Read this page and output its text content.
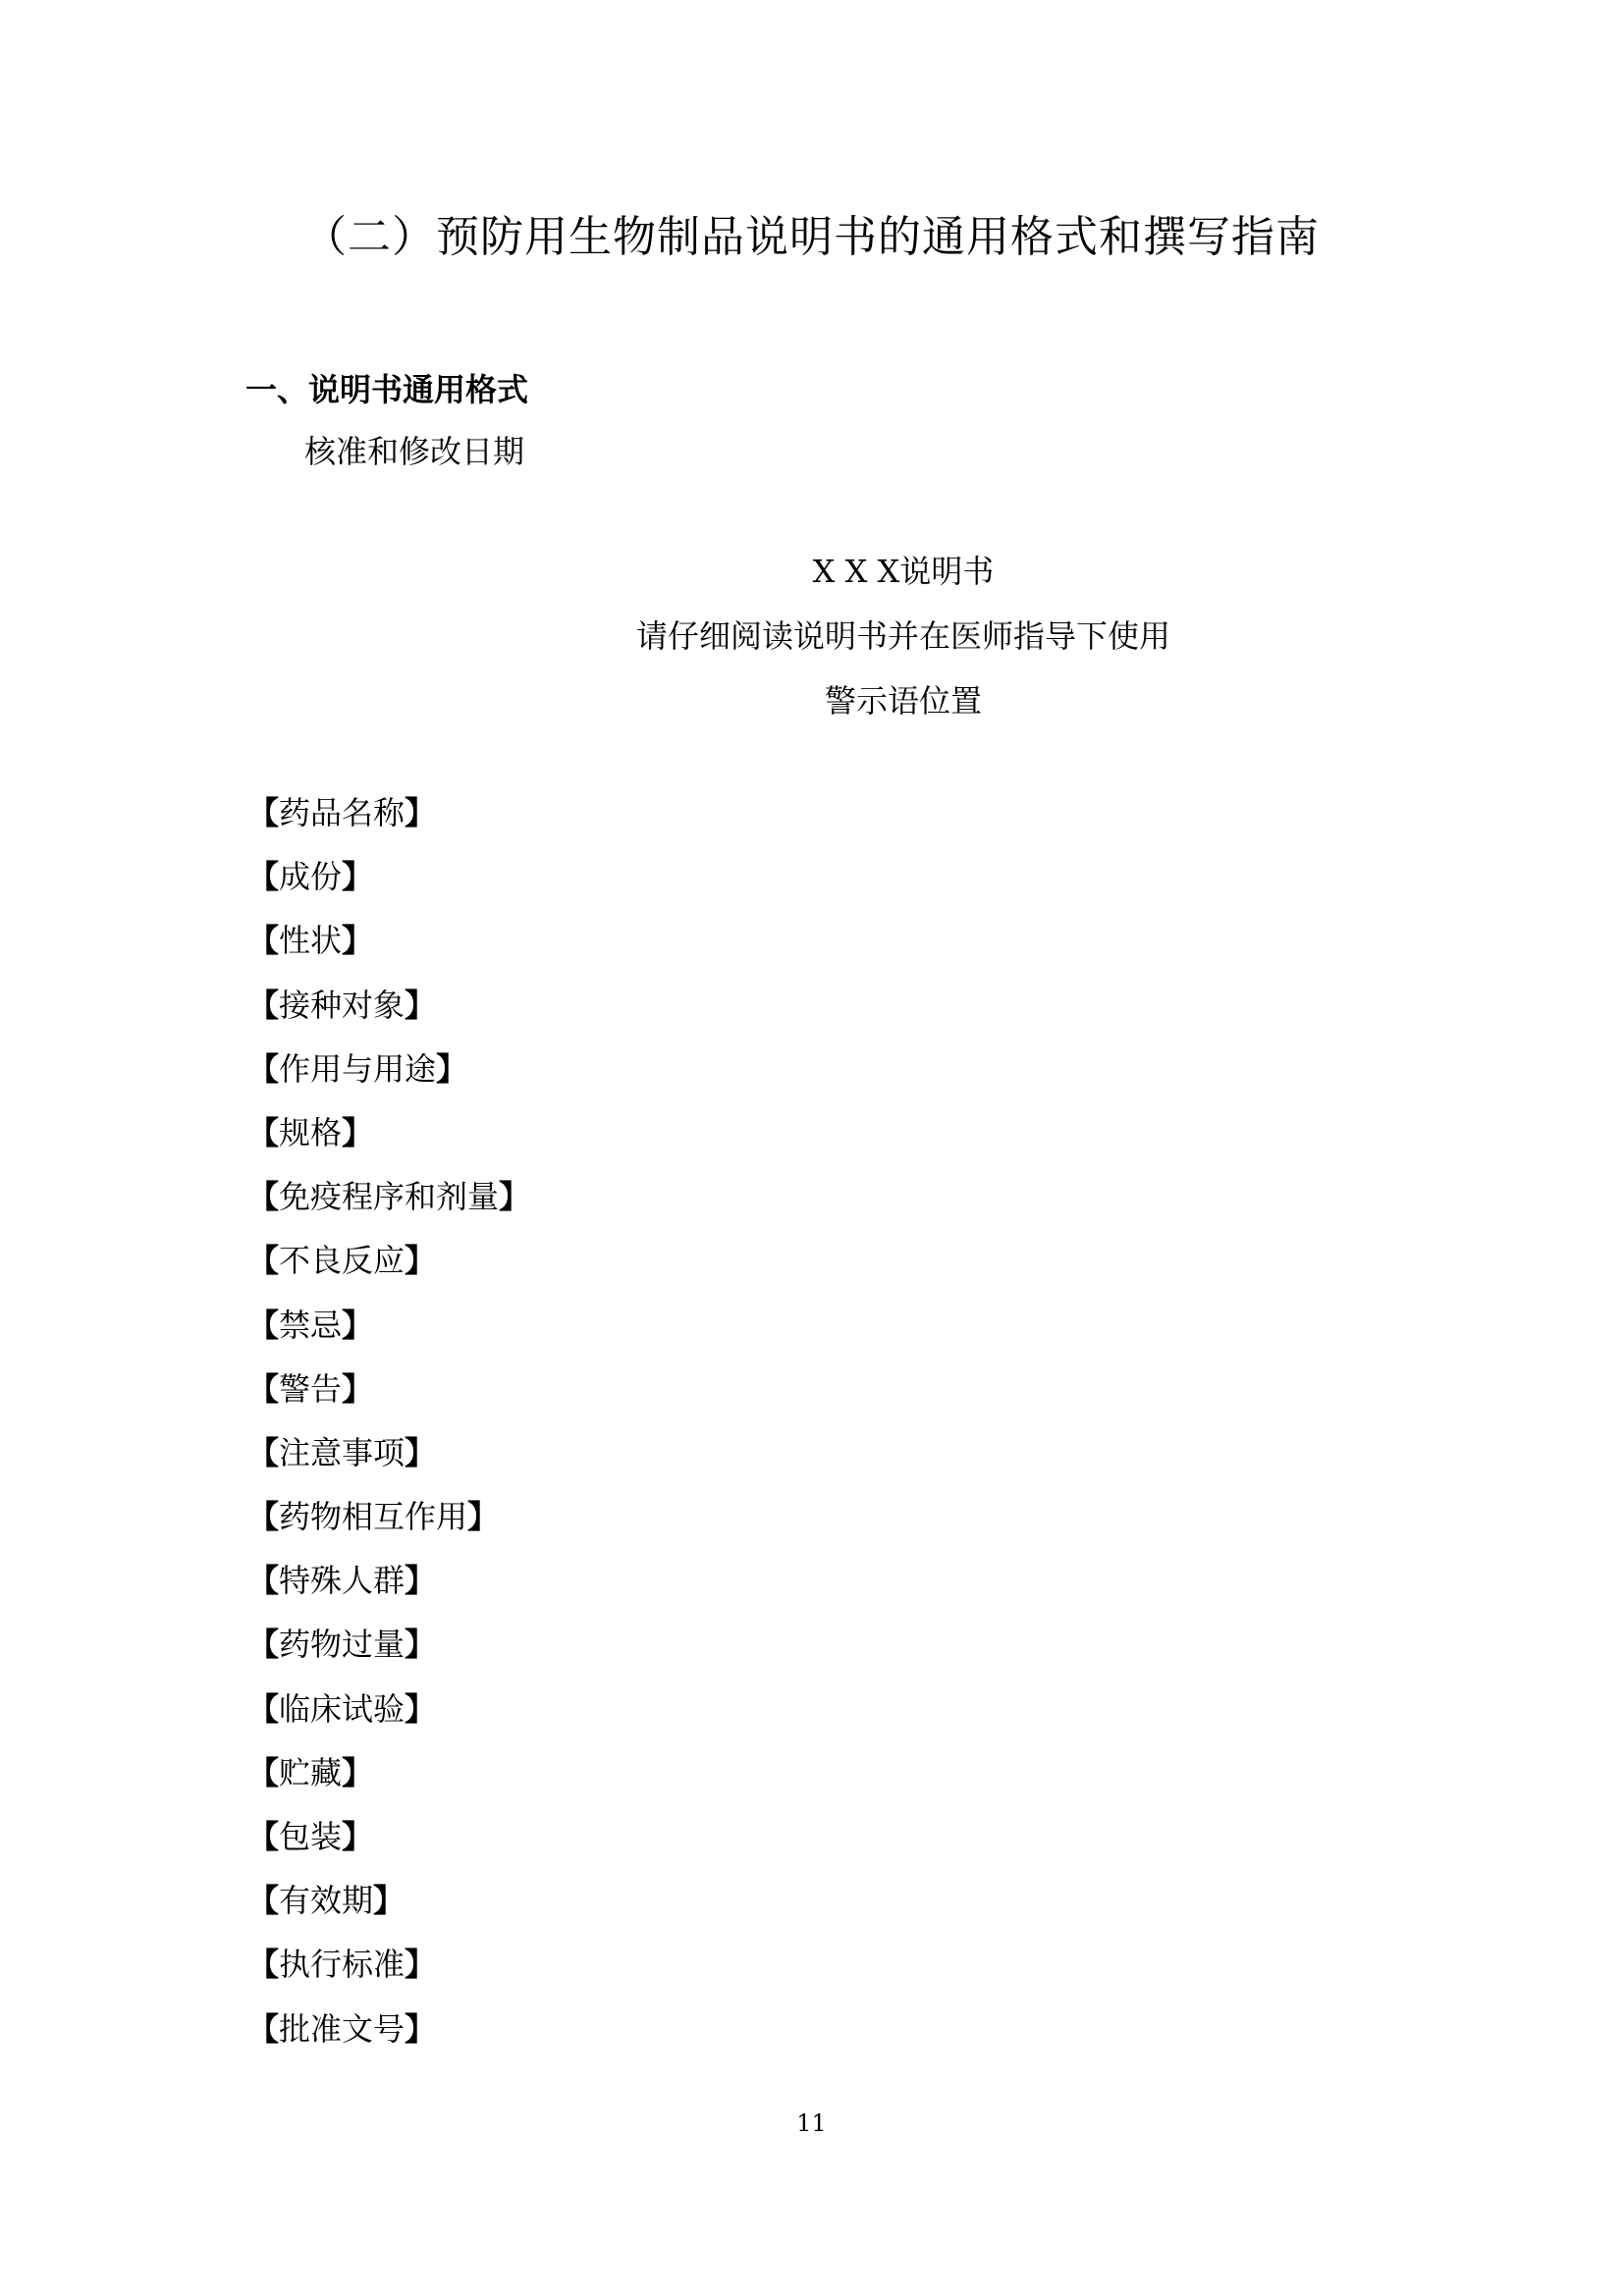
（二）预防用生物制品说明书的通用格式和撰写指南
一、说明书通用格式
核准和修改日期
X X X说明书
请仔细阅读说明书并在医师指导下使用
警示语位置
【药品名称】
【成份】
【性状】
【接种对象】
【作用与用途】
【规格】
【免疫程序和剂量】
【不良反应】
【禁忌】
【警告】
【注意事项】
【药物相互作用】
【特殊人群】
【药物过量】
【临床试验】
【贮藏】
【包装】
【有效期】
【执行标准】
【批准文号】
11
